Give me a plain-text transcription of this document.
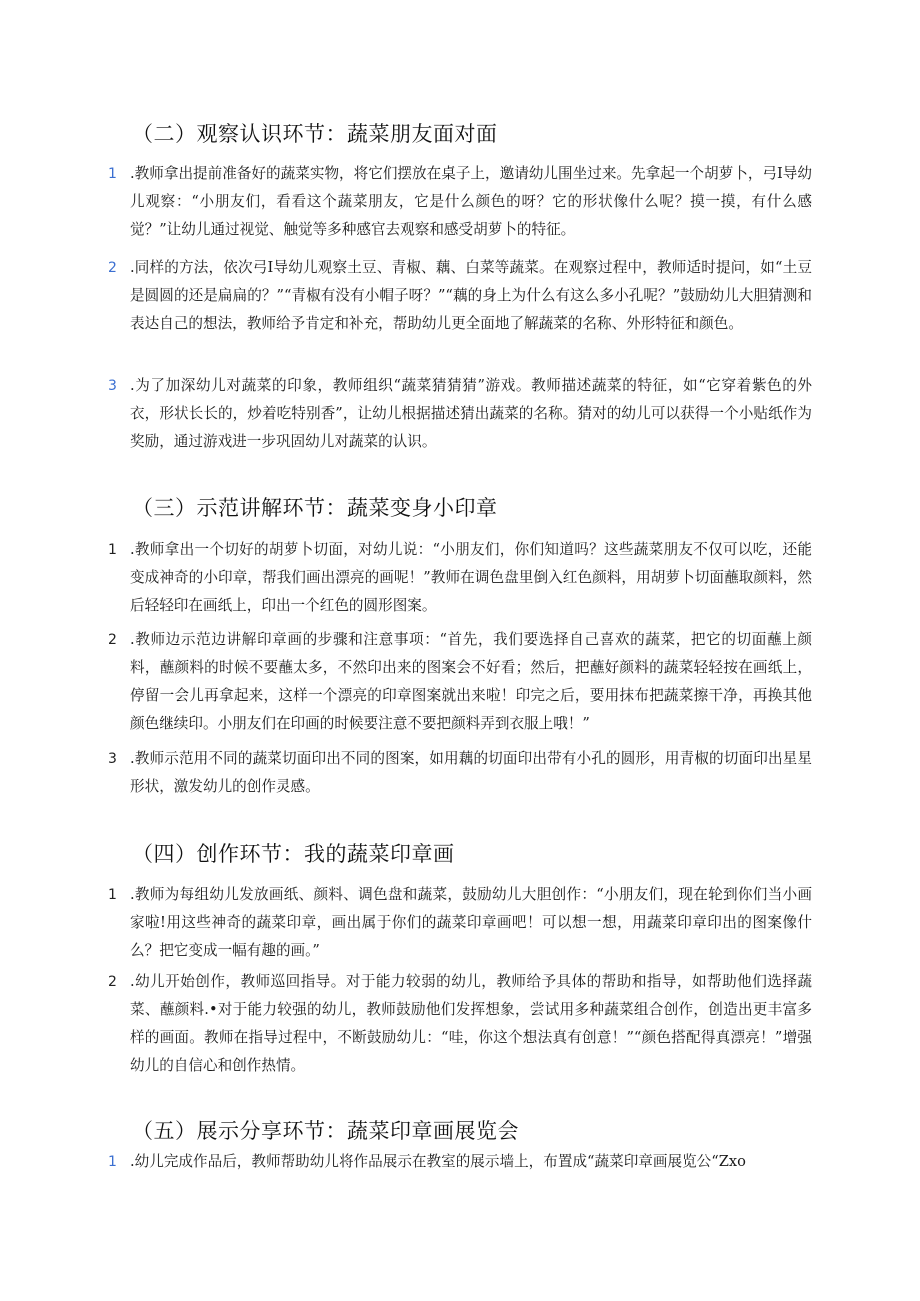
（二）观察认识环节：蔬菜朋友面对面
1 .教师拿出提前准备好的蔬菜实物，将它们摆放在桌子上，邀请幼儿围坐过来。先拿起一个胡萝卜，弓I导幼儿观察：“小朋友们，看看这个蔬菜朋友，它是什么颜色的呀？它的形状像什么呢？摸一摸，有什么感觉？”让幼儿通过视觉、触觉等多种感官去观察和感受胡萝卜的特征。
2 .同样的方法，依次弓I导幼儿观察土豆、青椒、藕、白菜等蔬菜。在观察过程中，教师适时提问，如“土豆是圆圆的还是扁扁的？”“青椒有没有小帽子呀？”“藕的身上为什么有这么多小孔呢？”鼓励幼儿大胆猜测和表达自己的想法，教师给予肯定和补充，帮助幼儿更全面地了解蔬菜的名称、外形特征和颜色。
3 .为了加深幼儿对蔬菜的印象，教师组织“蔬菜猜猜猜”游戏。教师描述蔬菜的特征，如“它穿着紫色的外衣，形状长长的，炒着吃特别香”，让幼儿根据描述猜出蔬菜的名称。猜对的幼儿可以获得一个小贴纸作为奖励，通过游戏进一步巩固幼儿对蔬菜的认识。
（三）示范讲解环节：蔬菜变身小印章
1 .教师拿出一个切好的胡萝卜切面，对幼儿说：“小朋友们，你们知道吗？这些蔬菜朋友不仅可以吃，还能变成神奇的小印章，帮我们画出漂亮的画呢！”教师在调色盘里倒入红色颜料，用胡萝卜切面蘸取颜料，然后轻轻印在画纸上，印出一个红色的圆形图案。
2 .教师边示范边讲解印章画的步骤和注意事项：“首先，我们要选择自己喜欢的蔬菜，把它的切面蘸上颜料，蘸颜料的时候不要蘸太多，不然印出来的图案会不好看；然后，把蘸好颜料的蔬菜轻轻按在画纸上，停留一会儿再拿起来，这样一个漂亮的印章图案就出来啦！印完之后，要用抹布把蔬菜擦干净，再换其他颜色继续印。小朋友们在印画的时候要注意不要把颜料弄到衣服上哦！”
3 .教师示范用不同的蔬菜切面印出不同的图案，如用藕的切面印出带有小孔的圆形，用青椒的切面印出星星形状，激发幼儿的创作灵感。
（四）创作环节：我的蔬菜印章画
1 .教师为每组幼儿发放画纸、颜料、调色盘和蔬菜，鼓励幼儿大胆创作：“小朋友们，现在轮到你们当小画家啦!用这些神奇的蔬菜印章，画出属于你们的蔬菜印章画吧！可以想一想，用蔬菜印章印出的图案像什么？把它变成一幅有趣的画。”
2 .幼儿开始创作，教师巡回指导。对于能力较弱的幼儿，教师给予具体的帮助和指导，如帮助他们选择蔬菜、蘸颜料.•对于能力较强的幼儿，教师鼓励他们发挥想象，尝试用多种蔬菜组合创作，创造出更丰富多样的画面。教师在指导过程中，不断鼓励幼儿：“哇，你这个想法真有创意！”“颜色搭配得真漂亮！”增强幼儿的自信心和创作热情。
（五）展示分享环节：蔬菜印章画展览会
1 .幼儿完成作品后，教师帮助幼儿将作品展示在教室的展示墙上，布置成“蔬菜印章画展览公“Zxo
